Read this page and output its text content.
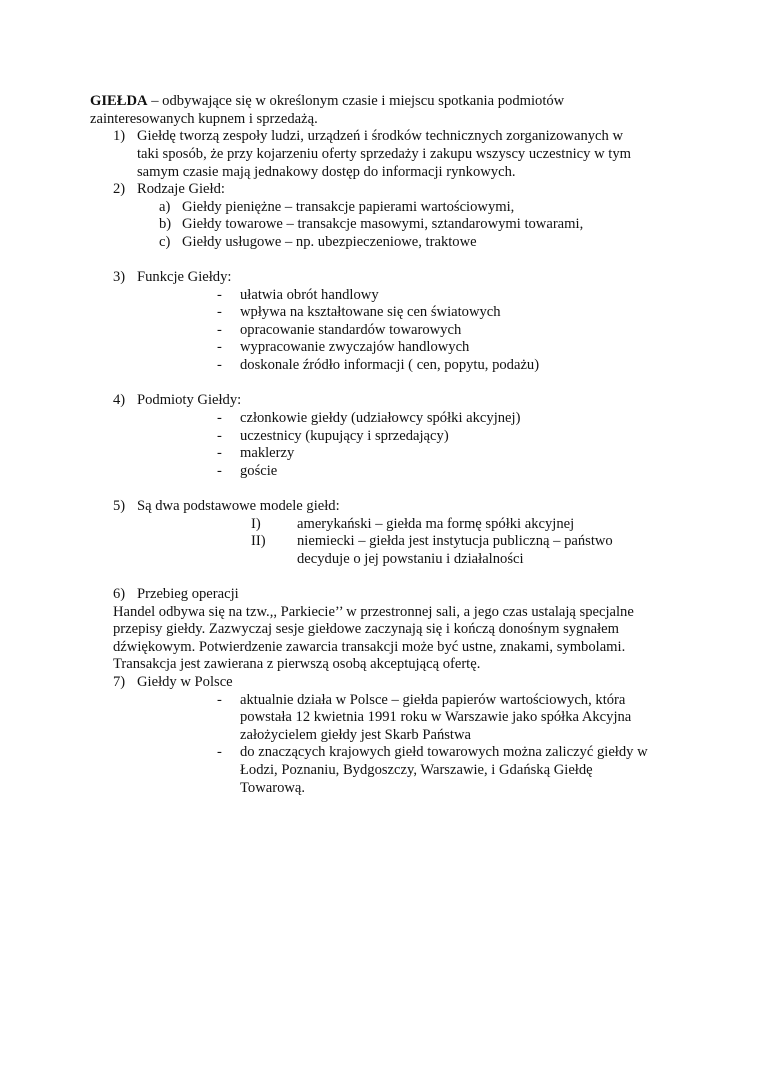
GIEŁDA – odbywające się w określonym czasie i miejscu spotkania podmiotów
zainteresowanych kupnem i sprzedażą.
1) Giełdę tworzą zespoły ludzi, urządzeń i środków technicznych zorganizowanych w
taki sposób, że przy kojarzeniu oferty sprzedaży i zakupu wszyscy uczestnicy w tym
samym czasie mają jednakowy dostęp do informacji rynkowych.
2) Rodzaje Giełd:
a) Giełdy pieniężne – transakcje papierami wartościowymi,
b) Giełdy towarowe – transakcje masowymi, sztandarowymi towarami,
c) Giełdy usługowe – np. ubezpieczeniowe, traktowe
3) Funkcje Giełdy:
- ułatwia obrót handlowy
- wpływa na kształtowane się cen światowych
- opracowanie standardów towarowych
- wypracowanie zwyczajów handlowych
- doskonale źródło informacji ( cen, popytu, podażu)
4) Podmioty Giełdy:
- członkowie giełdy (udziałowcy spółki akcyjnej)
- uczestnicy (kupujący i sprzedający)
- maklerzy
- goście
5) Są dwa podstawowe modele giełd:
I) amerykański – giełda ma formę spółki akcyjnej
II) niemiecki – giełda jest instytucja publiczną – państwo
decyduje o jej powstaniu i działalności
6) Przebieg operacji
Handel odbywa się na tzw.,, Parkiecie’’ w przestronnej sali, a jego czas ustalają specjalne
przepisy giełdy. Zazwyczaj sesje giełdowe zaczynają się i kończą donośnym sygnałem
dźwiękowym. Potwierdzenie zawarcia transakcji może być ustne, znakami, symbolami.
Transakcja jest zawierana z pierwszą osobą akceptującą ofertę.
7) Giełdy w Polsce
- aktualnie działa w Polsce – giełda papierów wartościowych, która
powstała 12 kwietnia 1991 roku w Warszawie jako spółka Akcyjna
założycielem giełdy jest Skarb Państwa
- do znaczących krajowych giełd towarowych można zaliczyć giełdy w
Łodzi, Poznaniu, Bydgoszczy, Warszawie, i Gdańską Giełdę
Towarową.
